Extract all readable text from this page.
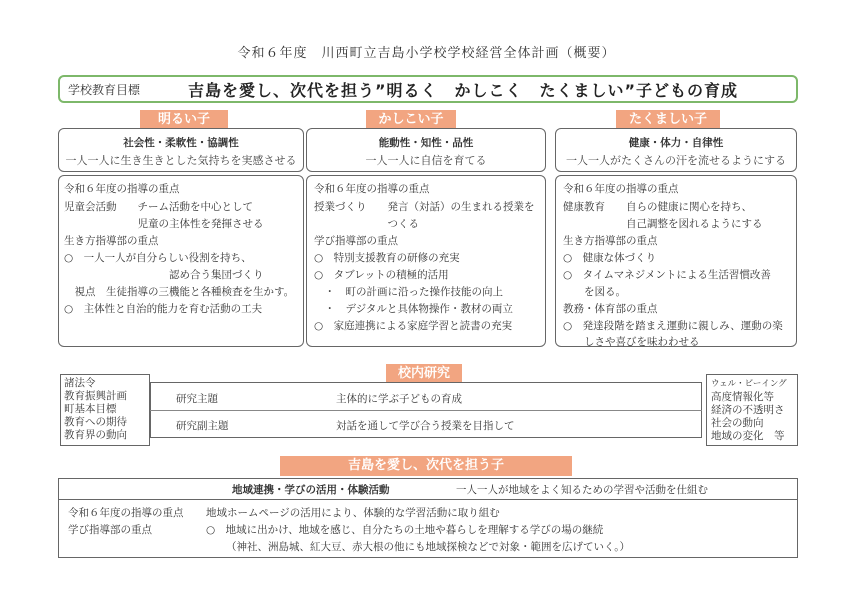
令和６年度　川西町立吉島小学校学校経営全体計画（概要）
学校教育目標	吉島を愛し、次代を担う”明るく　かしこく　たくましい”子どもの育成
明るい子
社会性・柔軟性・協調性
一人一人に生き生きとした気持ちを実感させる
令和６年度の指導の重点
児童会活動　　チーム活動を中心として
　　　　　　　児童の主体性を発揮させる
生き方指導部の重点
○　一人一人が自分らしい役割を持ち、
　　　　　　　　　　認め合う集団づくり
　視点　生徒指導の三機能と各種検査を生かす。
○　主体性と自治的能力を育む活動の工夫
かしこい子
能動性・知性・品性
一人一人に自信を育てる
令和６年度の指導の重点
授業づくり　　発言（対話）の生まれる授業を
　　　　　　　つくる
学び指導部の重点
○　特別支援教育の研修の充実
○　タブレットの積極的活用
　・　町の計画に沿った操作技能の向上
　・　デジタルと具体物操作・教材の両立
○　家庭連携による家庭学習と読書の充実
たくましい子
健康・体力・自律性
一人一人がたくさんの汗を流せるようにする
令和６年度の指導の重点
健康教育　　自らの健康に関心を持ち、
　　　　　　自己調整を図れるようにする
生き方指導部の重点
○　健康な体づくり
○　タイムマネジメントによる生活習慣改善
　　を図る。
教務・体育部の重点
○　発達段階を踏まえ運動に親しみ、運動の楽
　　しさや喜びを味わわせる
諸法令
教育振興計画
町基本目標
教育への期待
教育界の動向
校内研究
研究主題	主体的に学ぶ子どもの育成
研究副主題	対話を通して学び合う授業を目指して
ウェル・ビーイング
高度情報化等
経済の不透明さ
社会の動向
地域の変化　等
吉島を愛し、次代を担う子
地域連携・学びの活用・体験活動	一人一人が地域をよく知るための学習や活動を仕組む
令和６年度の指導の重点 地域ホームページの活用により、体験的な学習活動に取り組む
学び指導部の重点	○　地域に出かけ、地域を感じ、自分たちの土地や暮らしを理解する学びの場の継続
（神社、洲島城、紅大豆、赤大根の他にも地域探検などで対象・範囲を広げていく。）
